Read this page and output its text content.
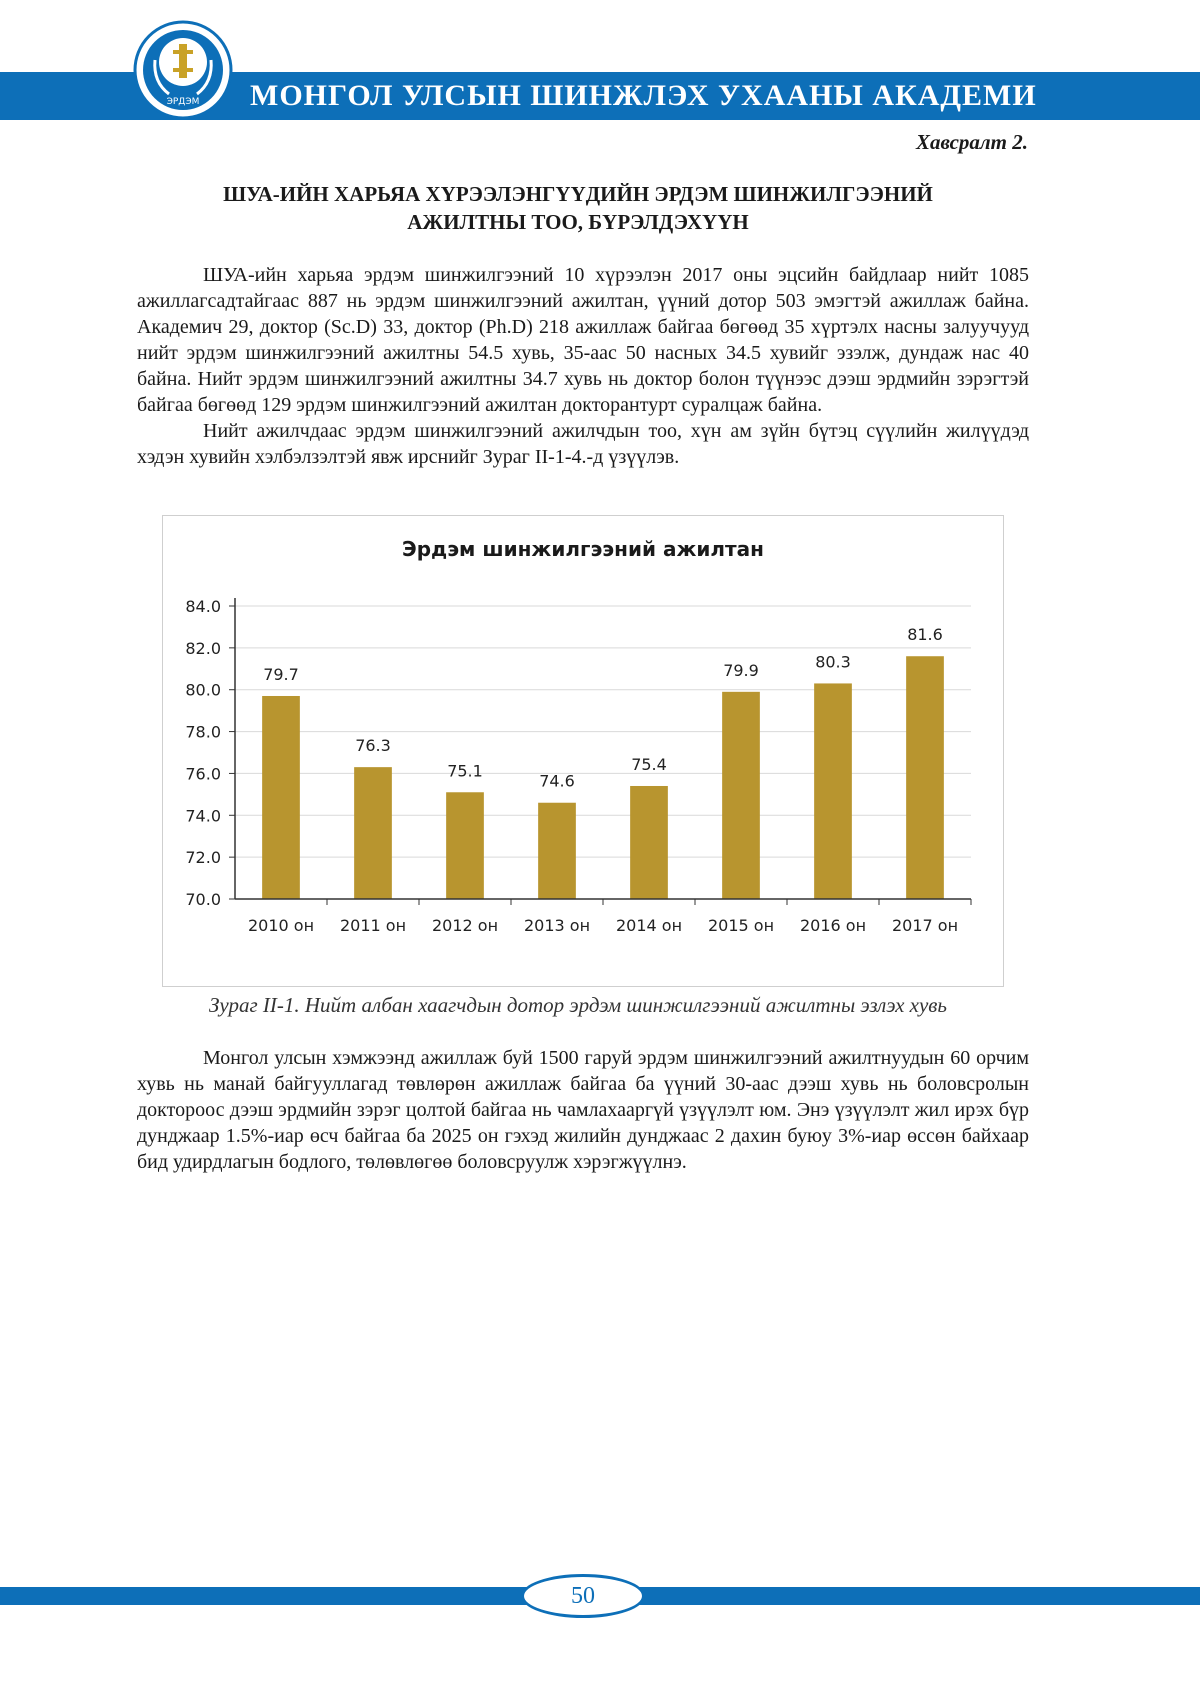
МОНГОЛ УЛСЫН ШИНЖЛЭХ УХААНЫ АКАДЕМИ
ЭРДЭМ
Хавсралт 2.
ШУА-ИЙН ХАРЬЯА ХҮРЭЭЛЭНГҮҮДИЙН ЭРДЭМ ШИНЖИЛГЭЭНИЙ
АЖИЛТНЫ ТОО, БҮРЭЛДЭХҮҮН

ШУА-ийн харьяа эрдэм шинжилгээний 10 хүрээлэн 2017 оны эцсийн байдлаар нийт 1085 ажиллагсадтайгаас 887 нь эрдэм шинжилгээний ажилтан, үүний дотор 503 эмэгтэй ажиллаж байна. Академич 29, доктор (Sc.D) 33, доктор (Ph.D) 218 ажиллаж байгаа бөгөөд 35 хүртэлх насны залуучууд нийт эрдэм шинжилгээний ажилтны 54.5 хувь, 35-аас 50 насных 34.5 хувийг эзэлж, дундаж нас 40 байна. Нийт эрдэм шинжилгээний ажилтны 34.7 хувь нь доктор болон түүнээс дээш эрдмийн зэрэгтэй байгаа бөгөөд 129 эрдэм шинжилгээний ажилтан докторантурт суралцаж байна.

Нийт ажилчдаас эрдэм шинжилгээний ажилчдын тоо, хүн ам зүйн бүтэц сүүлийн жилүүдэд хэдэн хувийн хэлбэлзэлтэй явж ирснийг Зураг II-1-4.-д үзүүлэв.

Эрдэм шинжилгээний ажилтан
79.7
2010 он
76.3
2011 он
75.1
2012 он
74.6
2013 он
75.4
2014 он
79.9
2015 он
80.3
2016 он
81.6
2017 он
70.0
72.0
74.0
76.0
78.0
80.0
82.0
84.0
Зураг II-1. Нийт албан хаагчдын дотор эрдэм шинжилгээний ажилтны эзлэх хувь

Монгол улсын хэмжээнд ажиллаж буй 1500 гаруй эрдэм шинжилгээний ажилтнуудын 60 орчим хувь нь манай байгууллагад төвлөрөн ажиллаж байгаа ба үүний 30-аас дээш хувь нь боловсролын доктороос дээш эрдмийн зэрэг цолтой байгаа нь чамлахааргүй үзүүлэлт юм. Энэ үзүүлэлт жил ирэх бүр дунджаар 1.5%-иар өсч байгаа ба 2025 он гэхэд жилийн дунджаас 2 дахин буюу 3%-иар өссөн байхаар бид удирдлагын бодлого, төлөвлөгөө боловсруулж хэрэгжүүлнэ.

50
